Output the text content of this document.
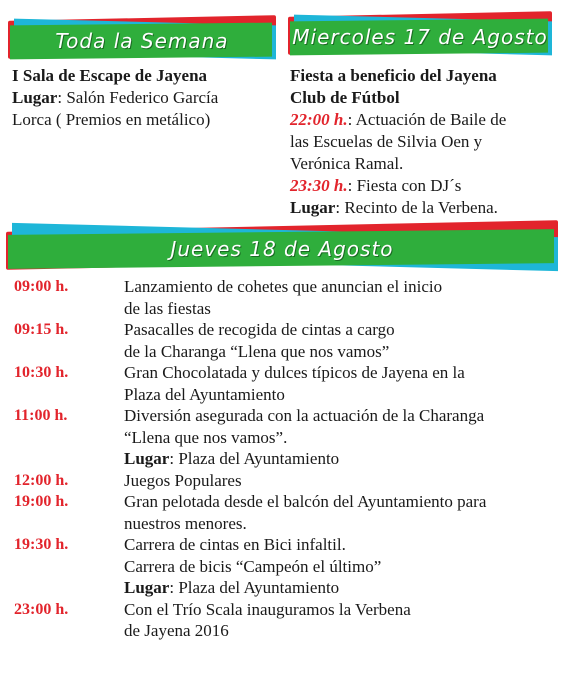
Toda la Semana	Miercoles 17 de Agosto
I Sala de Escape de Jayena
Lugar: Salón Federico García
Lorca ( Premios en metálico)
Fiesta a beneficio del Jayena
Club de Fútbol
22:00 h.: Actuación de Baile de
las Escuelas de Silvia Oen y
Verónica Ramal.
23:30 h.: Fiesta con DJ´s
Lugar: Recinto de la Verbena.
Jueves 18 de Agosto
09:00 h.	Lanzamiento de cohetes que anuncian el inicio
de las fiestas
09:15 h.	Pasacalles de recogida de cintas a cargo
de la Charanga “Llena que nos vamos”
10:30 h.	Gran Chocolatada y dulces típicos de Jayena en la
Plaza del Ayuntamiento
11:00 h.	Diversión asegurada con la actuación de la Charanga
“Llena que nos vamos”.
Lugar: Plaza del Ayuntamiento
12:00 h.	Juegos Populares
19:00 h.	Gran pelotada desde el balcón del Ayuntamiento para
nuestros menores.
19:30 h.	Carrera de cintas en Bici infaltil.
Carrera de bicis “Campeón el último”
Lugar: Plaza del Ayuntamiento
23:00 h.	Con el Trío Scala inauguramos la Verbena
de Jayena 2016
